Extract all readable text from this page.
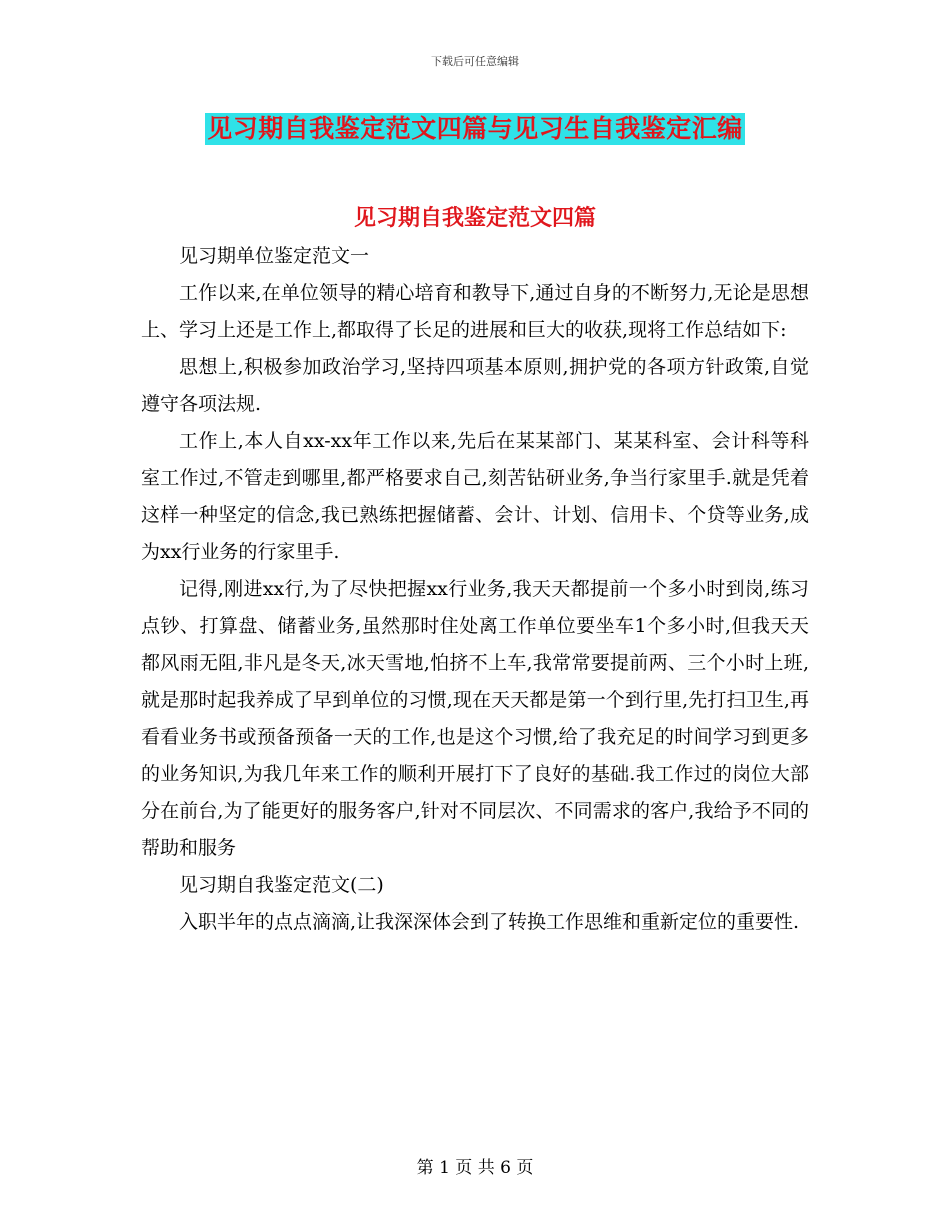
下载后可任意编辑
见习期自我鉴定范文四篇与见习生自我鉴定汇编
见习期自我鉴定范文四篇

见习期单位鉴定范文一

工作以来,在单位领导的精心培育和教导下,通过自身的不断努力,无论是思想上、学习上还是工作上,都取得了长足的进展和巨大的收获,现将工作总结如下:

思想上,积极参加政治学习,坚持四项基本原则,拥护党的各项方针政策,自觉遵守各项法规.

工作上,本人自xx-xx年工作以来,先后在某某部门、某某科室、会计科等科室工作过,不管走到哪里,都严格要求自己,刻苦钻研业务,争当行家里手.就是凭着这样一种坚定的信念,我已熟练把握储蓄、会计、计划、信用卡、个贷等业务,成为xx行业务的行家里手.

记得,刚进xx行,为了尽快把握xx行业务,我天天都提前一个多小时到岗,练习点钞、打算盘、储蓄业务,虽然那时住处离工作单位要坐车1个多小时,但我天天都风雨无阻,非凡是冬天,冰天雪地,怕挤不上车,我常常要提前两、三个小时上班,就是那时起我养成了早到单位的习惯,现在天天都是第一个到行里,先打扫卫生,再看看业务书或预备预备一天的工作,也是这个习惯,给了我充足的时间学习到更多的业务知识,为我几年来工作的顺利开展打下了良好的基础.我工作过的岗位大部分在前台,为了能更好的服务客户,针对不同层次、不同需求的客户,我给予不同的帮助和服务

见习期自我鉴定范文(二)

入职半年的点点滴滴,让我深深体会到了转换工作思维和重新定位的重要性.

第 1 页 共 6 页
